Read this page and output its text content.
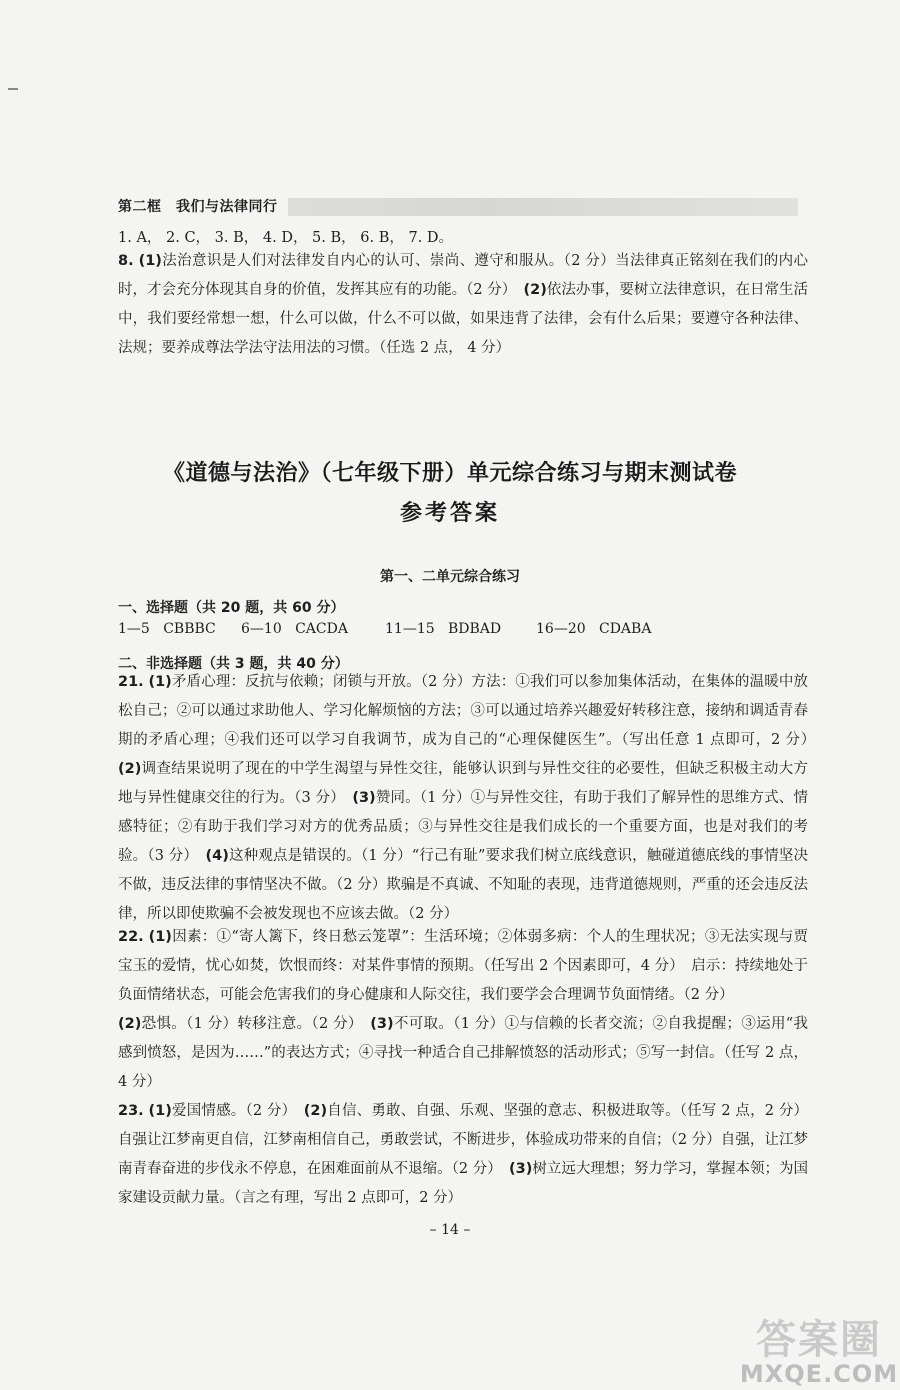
第二框　我们与法律同行
1. A， 2. C， 3. B， 4. D， 5. B， 6. B， 7. D。
8. (1)法治意识是人们对法律发自内心的认可、崇尚、遵守和服从。（2 分）当法律真正铭刻在我们的内心时，才会充分体现其自身的价值，发挥其应有的功能。（2 分）　(2)依法办事，要树立法律意识，在日常生活中，我们要经常想一想，什么可以做，什么不可以做，如果违背了法律，会有什么后果；要遵守各种法律、法规；要养成尊法学法守法用法的习惯。（任选 2 点， 4 分）
《道德与法治》（七年级下册）单元综合练习与期末测试卷
参考答案
第一、二单元综合练习
一、选择题（共 20 题，共 60 分）
1—5 CBBBC 6—10 CACDA	11—15 BDBAD 16—20 CDABA
二、非选择题（共 3 题，共 40 分）
21. (1)矛盾心理：反抗与依赖；闭锁与开放。（2 分）方法：①我们可以参加集体活动，在集体的温暖中放松自己；②可以通过求助他人、学习化解烦恼的方法；③可以通过培养兴趣爱好转移注意，接纳和调适青春期的矛盾心理；④我们还可以学习自我调节，成为自己的“心理保健医生”。（写出任意 1 点即可，2 分）　(2)调查结果说明了现在的中学生渴望与异性交往，能够认识到与异性交往的必要性，但缺乏积极主动大方地与异性健康交往的行为。（3 分）　(3)赞同。（1 分）①与异性交往，有助于我们了解异性的思维方式、情感特征；②有助于我们学习对方的优秀品质；③与异性交往是我们成长的一个重要方面，也是对我们的考验。（3 分）　(4)这种观点是错误的。（1 分）“行己有耻”要求我们树立底线意识，触碰道德底线的事情坚决不做，违反法律的事情坚决不做。（2 分）欺骗是不真诚、不知耻的表现，违背道德规则，严重的还会违反法律，所以即使欺骗不会被发现也不应该去做。（2 分）
22. (1)因素：①“寄人篱下，终日愁云笼罩”：生活环境；②体弱多病：个人的生理状况；③无法实现与贾宝玉的爱情，忧心如焚，饮恨而终：对某件事情的预期。（任写出 2 个因素即可，4 分）　启示：持续地处于负面情绪状态，可能会危害我们的身心健康和人际交往，我们要学会合理调节负面情绪。（2 分）
(2)恐惧。（1 分）转移注意。（2 分）　(3)不可取。（1 分）①与信赖的长者交流；②自我提醒；③运用“我感到愤怒，是因为……”的表达方式；④寻找一种适合自己排解愤怒的活动形式；⑤写一封信。（任写 2 点，4 分）
23. (1)爱国情感。（2 分）　(2)自信、勇敢、自强、乐观、坚强的意志、积极进取等。（任写 2 点，2 分）自强让江梦南更自信，江梦南相信自己，勇敢尝试，不断进步，体验成功带来的自信；（2 分）自强，让江梦南青春奋进的步伐永不停息，在困难面前从不退缩。（2 分）　(3)树立远大理想；努力学习，掌握本领；为国家建设贡献力量。（言之有理，写出 2 点即可，2 分）
– 14 –
答案圈
MXQE.COM
